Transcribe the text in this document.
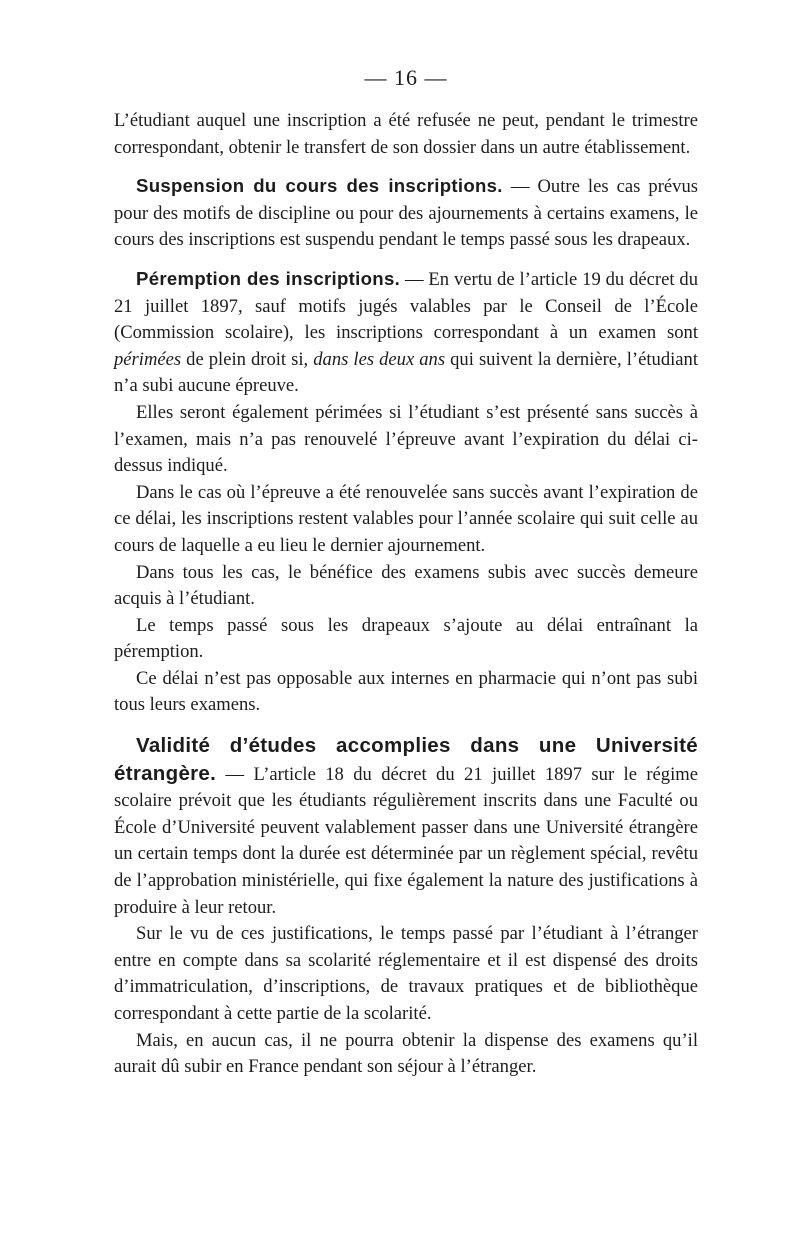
— 16 —

L’étudiant auquel une inscription a été refusée ne peut, pendant le trimestre correspondant, obtenir le transfert de son dossier dans un autre établissement.

Suspension du cours des inscriptions. — Outre les cas prévus pour des motifs de discipline ou pour des ajournements à certains examens, le cours des inscriptions est suspendu pendant le temps passé sous les drapeaux.

Péremption des inscriptions. — En vertu de l’article 19 du décret du 21 juillet 1897, sauf motifs jugés valables par le Conseil de l’École (Commission scolaire), les inscriptions correspondant à un examen sont périmées de plein droit si, dans les deux ans qui suivent la dernière, l’étudiant n’a subi aucune épreuve.

Elles seront également périmées si l’étudiant s’est présenté sans succès à l’examen, mais n’a pas renouvelé l’épreuve avant l’expiration du délai ci-dessus indiqué.

Dans le cas où l’épreuve a été renouvelée sans succès avant l’expiration de ce délai, les inscriptions restent valables pour l’année scolaire qui suit celle au cours de laquelle a eu lieu le dernier ajournement.

Dans tous les cas, le bénéfice des examens subis avec succès demeure acquis à l’étudiant.

Le temps passé sous les drapeaux s’ajoute au délai entraînant la péremption.

Ce délai n’est pas opposable aux internes en pharmacie qui n’ont pas subi tous leurs examens.

Validité d’études accomplies dans une Université étrangère. — L’article 18 du décret du 21 juillet 1897 sur le régime scolaire prévoit que les étudiants régulièrement inscrits dans une Faculté ou École d’Université peuvent valablement passer dans une Université étrangère un certain temps dont la durée est déterminée par un règlement spécial, revêtu de l’approbation ministérielle, qui fixe également la nature des justifications à produire à leur retour.

Sur le vu de ces justifications, le temps passé par l’étudiant à l’étranger entre en compte dans sa scolarité réglementaire et il est dispensé des droits d’immatriculation, d’inscriptions, de travaux pratiques et de bibliothèque correspondant à cette partie de la scolarité.

Mais, en aucun cas, il ne pourra obtenir la dispense des examens qu’il aurait dû subir en France pendant son séjour à l’étranger.
